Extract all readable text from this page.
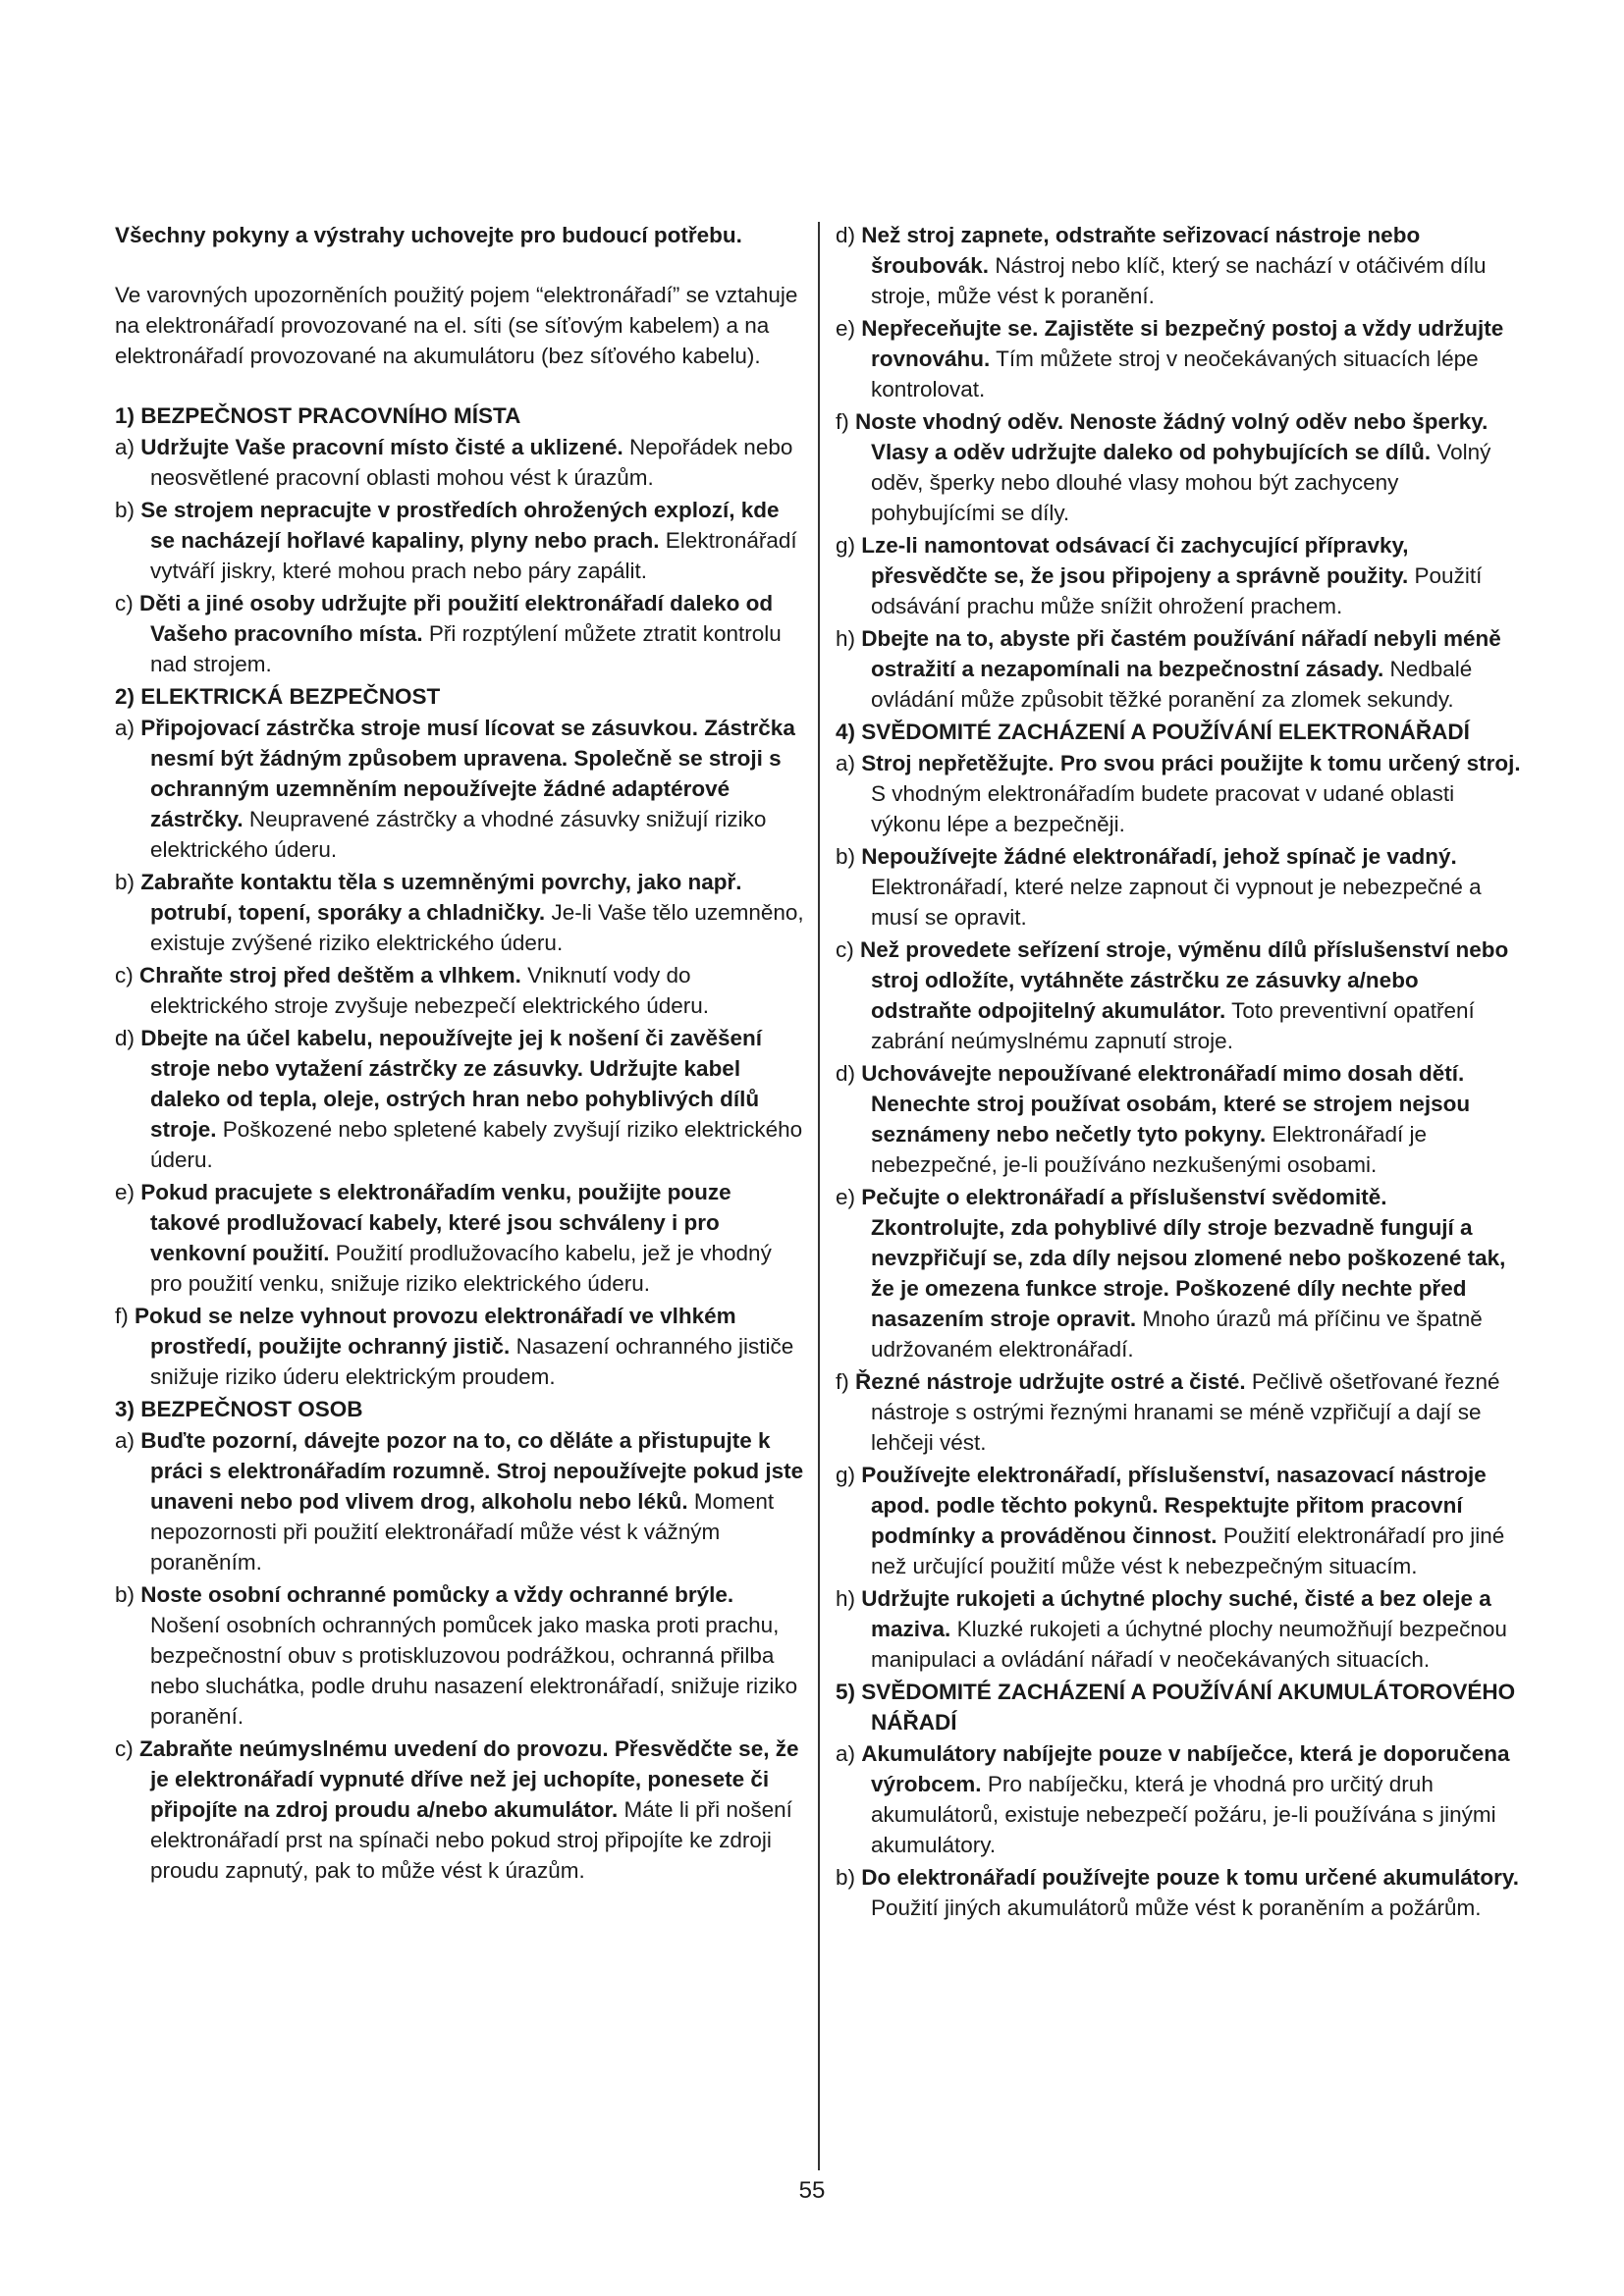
Všechny pokyny a výstrahy uchovejte pro budoucí potřebu.

Ve varovných upozorněních použitý pojem “elektronářadí” se vztahuje na elektronářadí provozované na el. síti (se síťovým kabelem) a na elektronářadí provozované na akumulátoru (bez síťového kabelu).

1) BEZPEČNOST PRACOVNÍHO MÍSTA
a) Udržujte Vaše pracovní místo čisté a uklizené. Nepořádek nebo neosvětlené pracovní oblasti mohou vést k úrazům.
b) Se strojem nepracujte v prostředích ohrožených explozí, kde se nacházejí hořlavé kapaliny, plyny nebo prach. Elektronářadí vytváří jiskry, které mohou prach nebo páry zapálit.
c) Děti a jiné osoby udržujte při použití elektronářadí daleko od Vašeho pracovního místa. Při rozptýlení můžete ztratit kontrolu nad strojem.
2) ELEKTRICKÁ BEZPEČNOST
a) Připojovací zástrčka stroje musí lícovat se zásuvkou. Zástrčka nesmí být žádným způsobem upravena. Společně se stroji s ochranným uzemněním nepoužívejte žádné adaptérové zástrčky. Neupravené zástrčky a vhodné zásuvky snižují riziko elektrického úderu.
b) Zabraňte kontaktu těla s uzemněnými povrchy, jako např. potrubí, topení, sporáky a chladničky. Je-li Vaše tělo uzemněno, existuje zvýšené riziko elektrického úderu.
c) Chraňte stroj před deštěm a vlhkem. Vniknutí vody do elektrického stroje zvyšuje nebezpečí elektrického úderu.
d) Dbejte na účel kabelu, nepoužívejte jej k nošení či zavěšení stroje nebo vytažení zástrčky ze zásuvky. Udržujte kabel daleko od tepla, oleje, ostrých hran nebo pohyblivých dílů stroje. Poškozené nebo spletené kabely zvyšují riziko elektrického úderu.
e) Pokud pracujete s elektronářadím venku, použijte pouze takové prodlužovací kabely, které jsou schváleny i pro venkovní použití. Použití prodlužovacího kabelu, jež je vhodný pro použití venku, snižuje riziko elektrického úderu.
f) Pokud se nelze vyhnout provozu elektronářadí ve vlhkém prostředí, použijte ochranný jistič. Nasazení ochranného jističe snižuje riziko úderu elektrickým proudem.
3) BEZPEČNOST OSOB
a) Buďte pozorní, dávejte pozor na to, co děláte a přistupujte k práci s elektronářadím rozumně. Stroj nepoužívejte pokud jste unaveni nebo pod vlivem drog, alkoholu nebo léků. Moment nepozornosti při použití elektronářadí může vést k vážným poraněním.
b) Noste osobní ochranné pomůcky a vždy ochranné brýle. Nošení osobních ochranných pomůcek jako maska proti prachu, bezpečnostní obuv s protiskluzovou podrážkou, ochranná přilba nebo sluchátka, podle druhu nasazení elektronářadí, snižuje riziko poranění.
c) Zabraňte neúmyslnému uvedení do provozu. Přesvědčte se, že je elektronářadí vypnuté dříve než jej uchopíte, ponesete či připojíte na zdroj proudu a/nebo akumulátor. Máte li při nošení elektronářadí prst na spínači nebo pokud stroj připojíte ke zdroji proudu zapnutý, pak to může vést k úrazům.
d) Než stroj zapnete, odstraňte seřizovací nástroje nebo šroubovák. Nástroj nebo klíč, který se nachází v otáčivém dílu stroje, může vést k poranění.
e) Nepřeceňujte se. Zajistěte si bezpečný postoj a vždy udržujte rovnováhu. Tím můžete stroj v neočekávaných situacích lépe kontrolovat.
f) Noste vhodný oděv. Nenoste žádný volný oděv nebo šperky. Vlasy a oděv udržujte daleko od pohybujících se dílů. Volný oděv, šperky nebo dlouhé vlasy mohou být zachyceny pohybujícími se díly.
g) Lze-li namontovat odsávací či zachycující přípravky, přesvědčte se, že jsou připojeny a správně použity. Použití odsávání prachu může snížit ohrožení prachem.
h) Dbejte na to, abyste při častém používání nářadí nebyli méně ostražití a nezapomínali na bezpečnostní zásady. Nedbalé ovládání může způsobit těžké poranění za zlomek sekundy.
4) SVĚDOMITÉ ZACHÁZENÍ A POUŽÍVÁNÍ ELEKTRONÁŘADÍ
a) Stroj nepřetěžujte. Pro svou práci použijte k tomu určený stroj. S vhodným elektronářadím budete pracovat v udané oblasti výkonu lépe a bezpečněji.
b) Nepoužívejte žádné elektronářadí, jehož spínač je vadný. Elektronářadí, které nelze zapnout či vypnout je nebezpečné a musí se opravit.
c) Než provedete seřízení stroje, výměnu dílů příslušenství nebo stroj odložíte, vytáhněte zástrčku ze zásuvky a/nebo odstraňte odpojitelný akumulátor. Toto preventivní opatření zabrání neúmyslnému zapnutí stroje.
d) Uchovávejte nepoužívané elektronářadí mimo dosah dětí. Nenechte stroj používat osobám, které se strojem nejsou seznámeny nebo nečetly tyto pokyny. Elektronářadí je nebezpečné, je-li používáno nezkušenými osobami.
e) Pečujte o elektronářadí a příslušenství svědomitě. Zkontrolujte, zda pohyblivé díly stroje bezvadně fungují a nevzpřičují se, zda díly nejsou zlomené nebo poškozené tak, že je omezena funkce stroje. Poškozené díly nechte před nasazením stroje opravit. Mnoho úrazů má příčinu ve špatně udržovaném elektronářadí.
f) Řezné nástroje udržujte ostré a čisté. Pečlivě ošetřované řezné nástroje s ostrými řeznými hranami se méně vzpřičují a dají se lehčeji vést.
g) Používejte elektronářadí, příslušenství, nasazovací nástroje apod. podle těchto pokynů. Respektujte přitom pracovní podmínky a prováděnou činnost. Použití elektronářadí pro jiné než určující použití může vést k nebezpečným situacím.
h) Udržujte rukojeti a úchytné plochy suché, čisté a bez oleje a maziva. Kluzké rukojeti a úchytné plochy neumožňují bezpečnou manipulaci a ovládání nářadí v neočekávaných situacích.
5) SVĚDOMITÉ ZACHÁZENÍ A POUŽÍVÁNÍ AKUMULÁTOROVÉHO NÁŘADÍ
a) Akumulátory nabíjejte pouze v nabíječce, která je doporučena výrobcem. Pro nabíječku, která je vhodná pro určitý druh akumulátorů, existuje nebezpečí požáru, je-li používána s jinými akumulátory.
b) Do elektronářadí používejte pouze k tomu určené akumulátory. Použití jiných akumulátorů může vést k poraněním a požárům.
55
